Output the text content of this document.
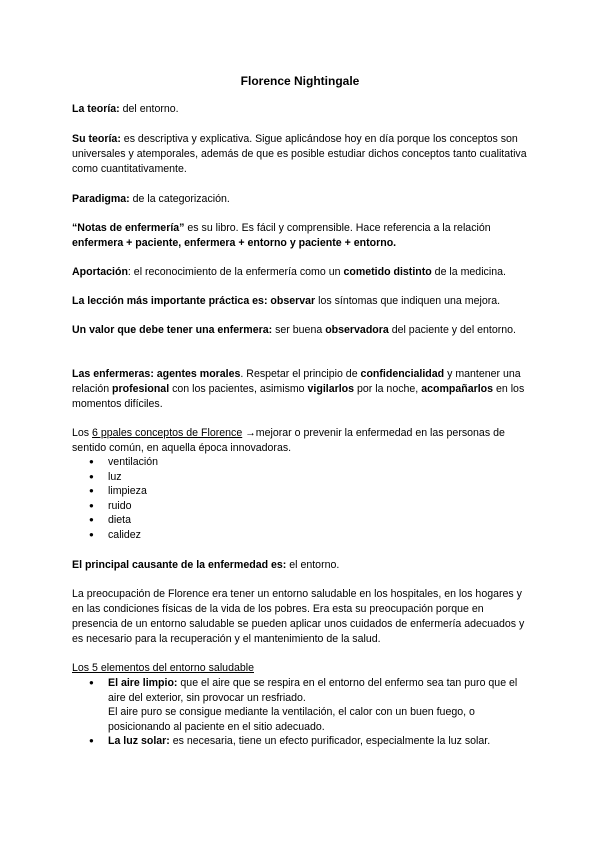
Florence Nightingale
La teoría: del entorno.
Su teoría: es descriptiva y explicativa. Sigue aplicándose hoy en día porque los conceptos son universales y atemporales, además de que es posible estudiar dichos conceptos tanto cualitativa como cuantitativamente.
Paradigma: de la categorización.
“Notas de enfermería” es su libro. Es fácil y comprensible. Hace referencia a la relación enfermera + paciente, enfermera + entorno y paciente + entorno.
Aportación: el reconocimiento de la enfermería como un cometido distinto de la medicina.
La lección más importante práctica es: observar los síntomas que indiquen una mejora.
Un valor que debe tener una enfermera: ser buena observadora del paciente y del entorno.
Las enfermeras: agentes morales. Respetar el principio de confidencialidad y mantener una relación profesional con los pacientes, asimismo vigilarlos por la noche, acompañarlos en los momentos difíciles.
Los 6 ppales conceptos de Florence →mejorar o prevenir la enfermedad en las personas de sentido común, en aquella época innovadoras.
● ventilación
● luz
● limpieza
● ruido
● dieta
● calidez
El principal causante de la enfermedad es: el entorno.
La preocupación de Florence era tener un entorno saludable en los hospitales, en los hogares y en las condiciones físicas de la vida de los pobres. Era esta su preocupación porque en presencia de un entorno saludable se pueden aplicar unos cuidados de enfermería adecuados y es necesario para la recuperación y el mantenimiento de la salud.
Los 5 elementos del entorno saludable
● El aire limpio: que el aire que se respira en el entorno del enfermo sea tan puro que el aire del exterior, sin provocar un resfriado.
El aire puro se consigue mediante la ventilación, el calor con un buen fuego, o posicionando al paciente en el sitio adecuado.
● La luz solar: es necesaria, tiene un efecto purificador, especialmente la luz solar.
